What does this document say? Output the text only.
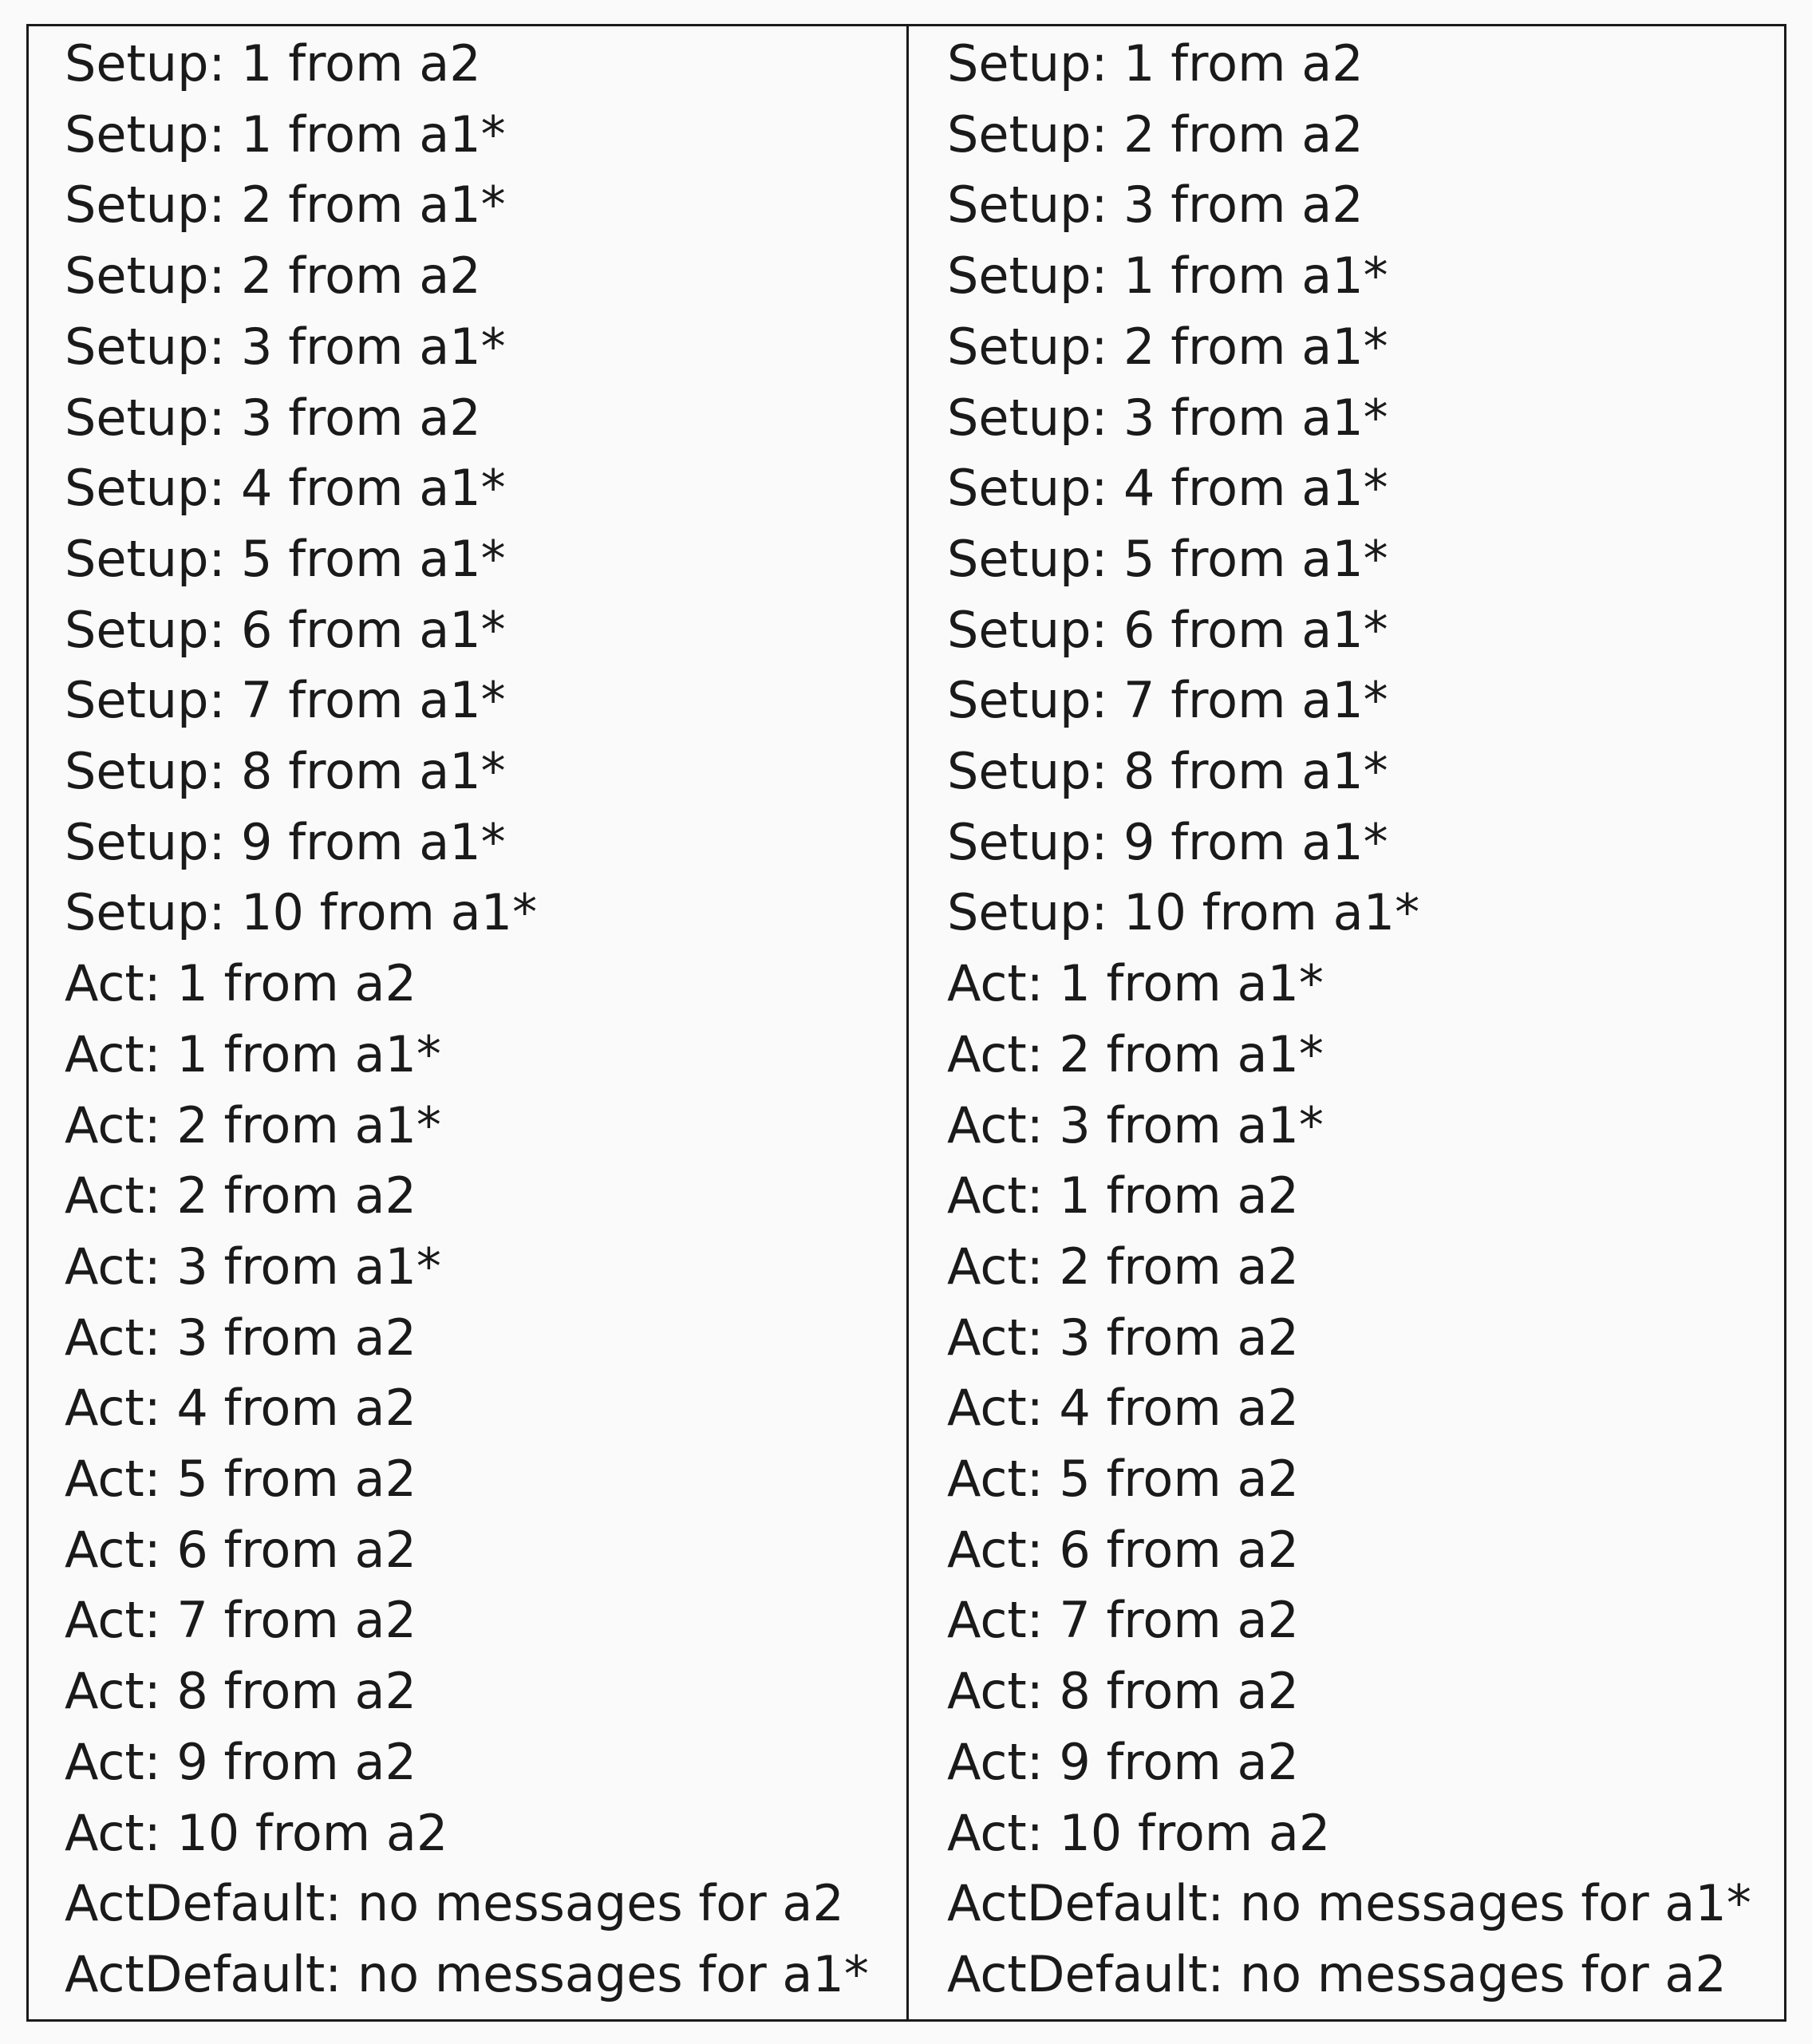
Setup: 1 from a2
Setup: 1 from a1*
Setup: 2 from a1*
Setup: 2 from a2
Setup: 3 from a1*
Setup: 3 from a2
Setup: 4 from a1*
Setup: 5 from a1*
Setup: 6 from a1*
Setup: 7 from a1*
Setup: 8 from a1*
Setup: 9 from a1*
Setup: 10 from a1*
Act: 1 from a2
Act: 1 from a1*
Act: 2 from a1*
Act: 2 from a2
Act: 3 from a1*
Act: 3 from a2
Act: 4 from a2
Act: 5 from a2
Act: 6 from a2
Act: 7 from a2
Act: 8 from a2
Act: 9 from a2
Act: 10 from a2
ActDefault: no messages for a2
ActDefault: no messages for a1*
Setup: 1 from a2
Setup: 2 from a2
Setup: 3 from a2
Setup: 1 from a1*
Setup: 2 from a1*
Setup: 3 from a1*
Setup: 4 from a1*
Setup: 5 from a1*
Setup: 6 from a1*
Setup: 7 from a1*
Setup: 8 from a1*
Setup: 9 from a1*
Setup: 10 from a1*
Act: 1 from a1*
Act: 2 from a1*
Act: 3 from a1*
Act: 1 from a2
Act: 2 from a2
Act: 3 from a2
Act: 4 from a2
Act: 5 from a2
Act: 6 from a2
Act: 7 from a2
Act: 8 from a2
Act: 9 from a2
Act: 10 from a2
ActDefault: no messages for a1*
ActDefault: no messages for a2
